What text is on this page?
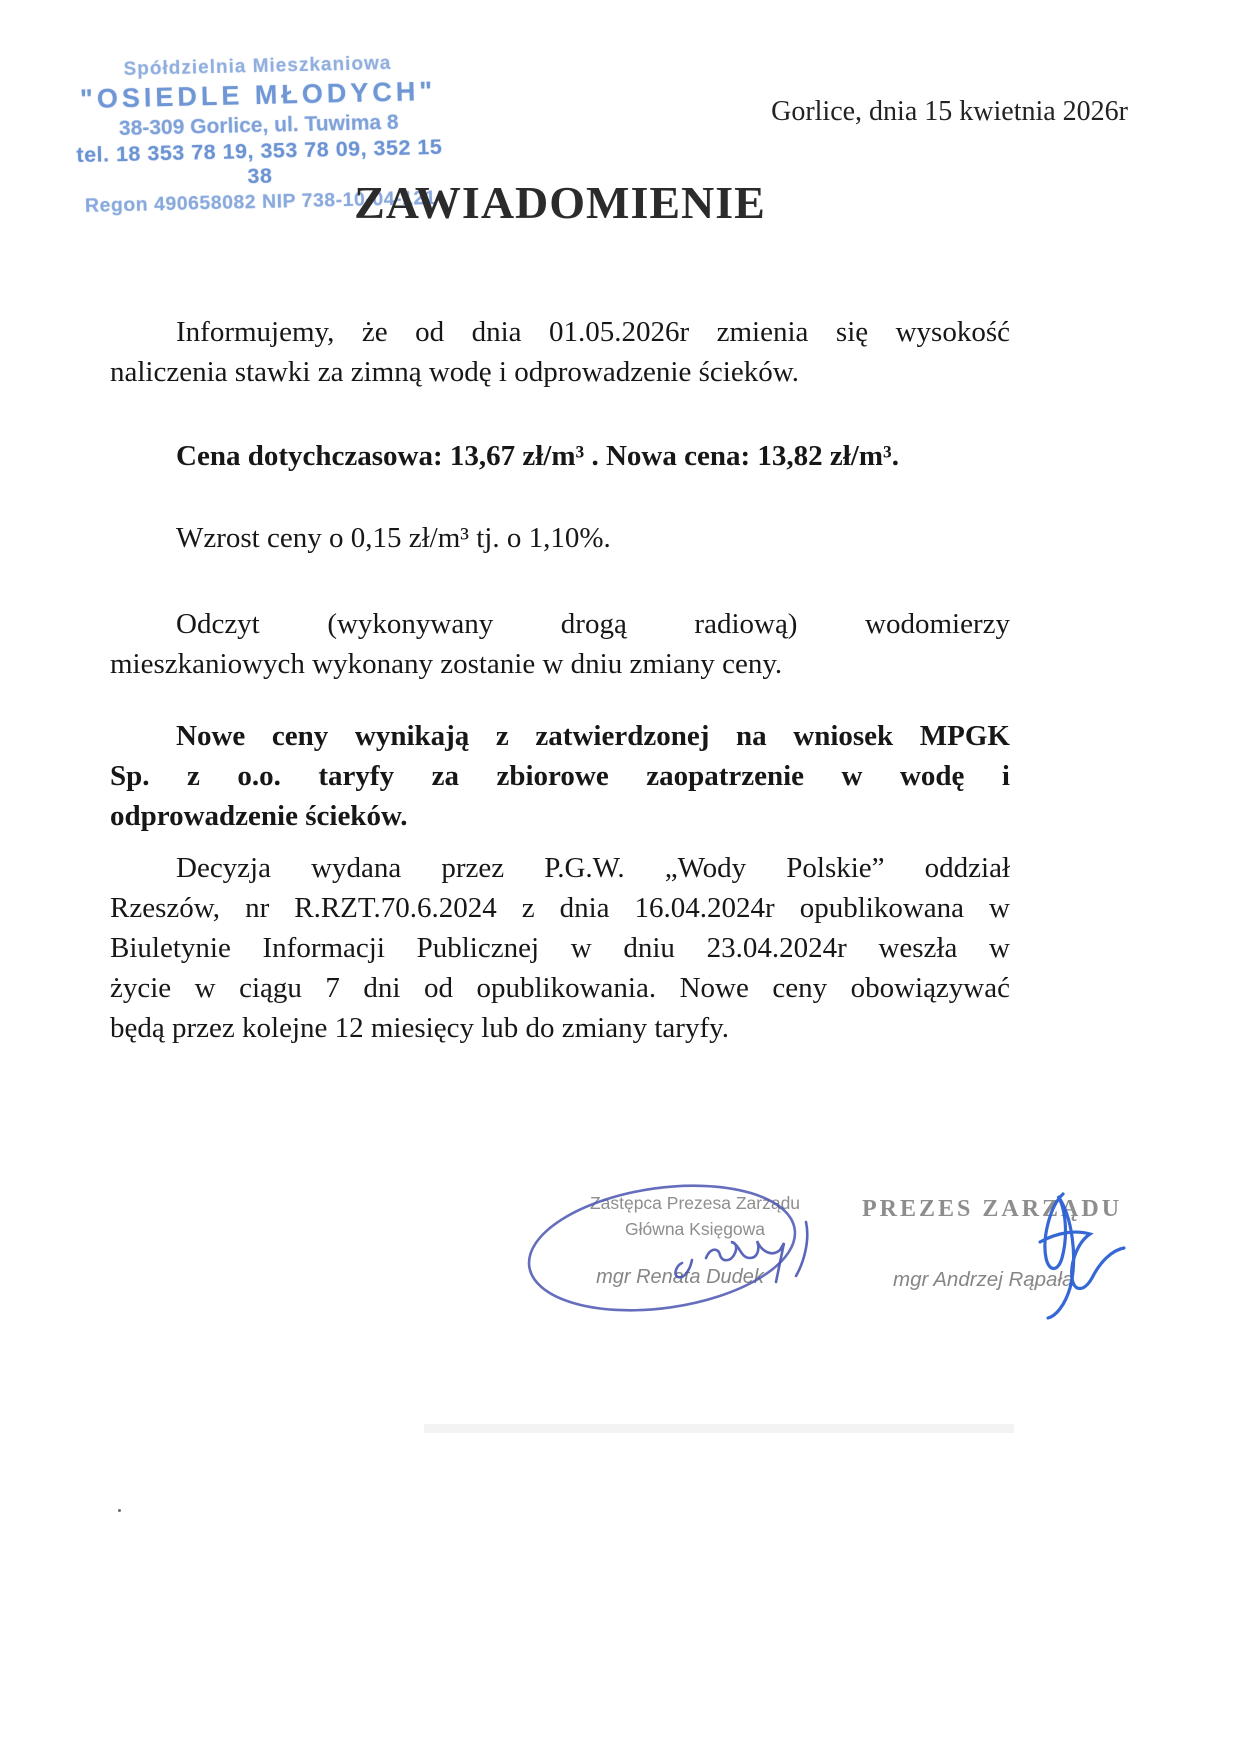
Spółdzielnia Mieszkaniowa
"OSIEDLE MŁODYCH"
38-309 Gorlice, ul. Tuwima 8
tel. 18 353 78 19, 353 78 09, 352 15 38
Regon 490658082 NIP 738-10-04-121
Gorlice, dnia 15 kwietnia 2026r
ZAWIADOMIENIE
Informujemy, że od dnia 01.05.2026r zmienia się wysokość
naliczenia stawki za zimną wodę i odprowadzenie ścieków.
Cena dotychczasowa: 13,67 zł/m³ . Nowa cena: 13,82 zł/m³.
Wzrost ceny o 0,15 zł/m³ tj. o 1,10%.
Odczyt (wykonywany drogą radiową) wodomierzy
mieszkaniowych wykonany zostanie w dniu zmiany ceny.
Nowe ceny wynikają z zatwierdzonej na wniosek MPGK
Sp. z o.o. taryfy za zbiorowe zaopatrzenie w wodę i
odprowadzenie ścieków.
Decyzja wydana przez P.G.W. „Wody Polskie” oddział
Rzeszów, nr R.RZT.70.6.2024 z dnia 16.04.2024r opublikowana w
Biuletynie Informacji Publicznej w dniu 23.04.2024r weszła w
życie w ciągu 7 dni od opublikowania. Nowe ceny obowiązywać
będą przez kolejne 12 miesięcy lub do zmiany taryfy.
Zastępca Prezesa Zarządu
Główna Księgowa
mgr Renata Dudek
PREZES ZARZĄDU
mgr Andrzej Rąpała
